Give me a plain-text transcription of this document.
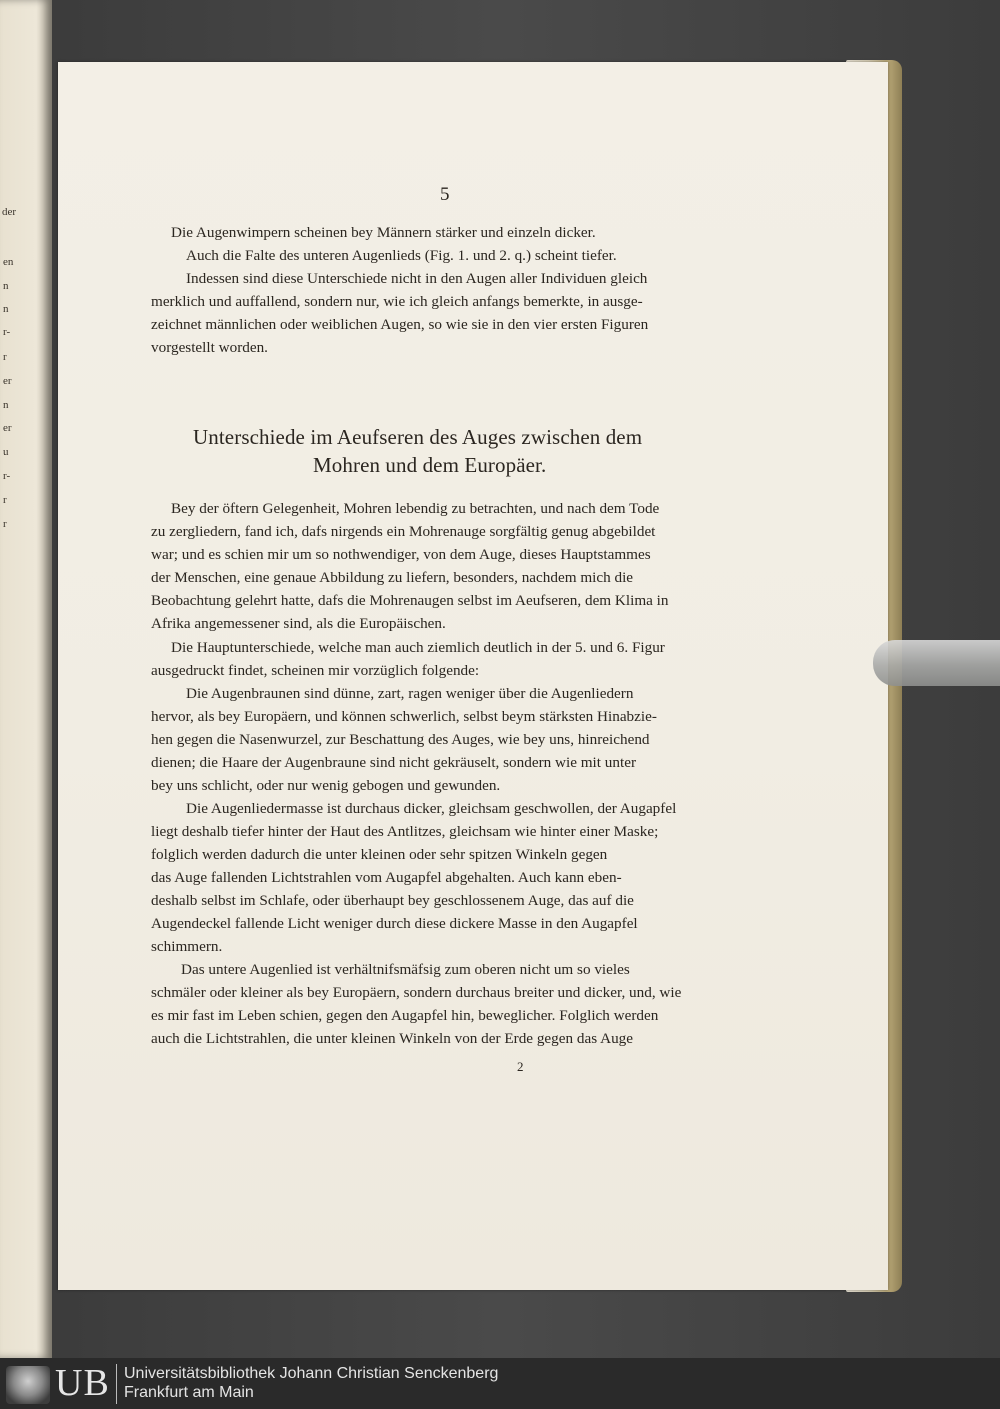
der
en
n
n
r-
r
er
n
er
u
r-
r
r
5
Die Augenwimpern scheinen bey Männern stärker und einzeln dicker.
Auch die Falte des unteren Augenlieds (Fig. 1. und 2. q.) scheint tiefer.
Indessen sind diese Unterschiede nicht in den Augen aller Individuen gleich
merklich und auffallend, sondern nur, wie ich gleich anfangs bemerkte, in ausge-
zeichnet männlichen oder weiblichen Augen, so wie sie in den vier ersten Figuren
vorgestellt worden.
Unterschiede im Aeufseren des Auges zwischen dem
Mohren und dem Europäer.
Bey der öftern Gelegenheit, Mohren lebendig zu betrachten, und nach dem Tode
zu zergliedern, fand ich, dafs nirgends ein Mohrenauge sorgfältig genug abgebildet
war; und es schien mir um so nothwendiger, von dem Auge, dieses Hauptstammes
der Menschen, eine genaue Abbildung zu liefern, besonders, nachdem mich die
Beobachtung gelehrt hatte, dafs die Mohrenaugen selbst im Aeufseren, dem Klima in
Afrika angemessener sind, als die Europäischen.
Die Hauptunterschiede, welche man auch ziemlich deutlich in der 5. und 6. Figur
ausgedruckt findet, scheinen mir vorzüglich folgende:
Die Augenbraunen sind dünne, zart, ragen weniger über die Augenliedern
hervor, als bey Europäern, und können schwerlich, selbst beym stärksten Hinabzie-
hen gegen die Nasenwurzel, zur Beschattung des Auges, wie bey uns, hinreichend
dienen; die Haare der Augenbraune sind nicht gekräuselt, sondern wie mit unter
bey uns schlicht, oder nur wenig gebogen und gewunden.
Die Augenliedermasse ist durchaus dicker, gleichsam geschwollen, der Augapfel
liegt deshalb tiefer hinter der Haut des Antlitzes, gleichsam wie hinter einer Maske;
folglich werden dadurch die unter kleinen oder sehr spitzen Winkeln gegen
das Auge fallenden Lichtstrahlen vom Augapfel abgehalten. Auch kann eben-
deshalb selbst im Schlafe, oder überhaupt bey geschlossenem Auge, das auf die
Augendeckel fallende Licht weniger durch diese dickere Masse in den Augapfel
schimmern.
Das untere Augenlied ist verhältnifsmäfsig zum oberen nicht um so vieles
schmäler oder kleiner als bey Europäern, sondern durchaus breiter und dicker, und, wie
es mir fast im Leben schien, gegen den Augapfel hin, beweglicher. Folglich werden
auch die Lichtstrahlen, die unter kleinen Winkeln von der Erde gegen das Auge
2
UB Universitätsbibliothek Johann Christian Senckenberg
Frankfurt am Main
